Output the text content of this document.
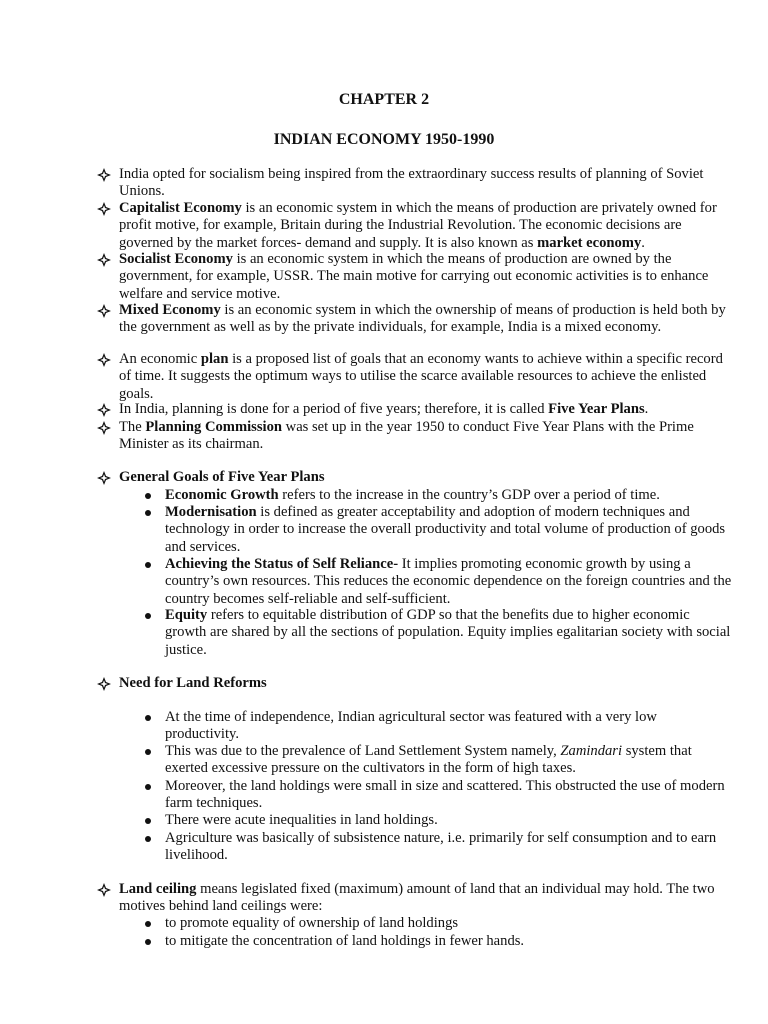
CHAPTER 2
INDIAN ECONOMY 1950-1990
India opted for socialism being inspired from the extraordinary success results of planning of Soviet Unions.
Capitalist Economy is an economic system in which the means of production are privately owned for profit motive, for example, Britain during the Industrial Revolution. The economic decisions are governed by the market forces- demand and supply. It is also known as market economy.
Socialist Economy is an economic system in which the means of production are owned by the government, for example, USSR. The main motive for carrying out economic activities is to enhance welfare and service motive.
Mixed Economy is an economic system in which the ownership of means of production is held both by the government as well as by the private individuals, for example, India is a mixed economy.
An economic plan is a proposed list of goals that an economy wants to achieve within a specific record of time. It suggests the optimum ways to utilise the scarce available resources to achieve the enlisted goals.
In India, planning is done for a period of five years; therefore, it is called Five Year Plans.
The Planning Commission was set up in the year 1950 to conduct Five Year Plans with the Prime Minister as its chairman.
General Goals of Five Year Plans
Economic Growth refers to the increase in the country’s GDP over a period of time.
Modernisation is defined as greater acceptability and adoption of modern techniques and technology in order to increase the overall productivity and total volume of production of goods and services.
Achieving the Status of Self Reliance- It implies promoting economic growth by using a country’s own resources. This reduces the economic dependence on the foreign countries and the country becomes self-reliable and self-sufficient.
Equity refers to equitable distribution of GDP so that the benefits due to higher economic growth are shared by all the sections of population. Equity implies egalitarian society with social justice.
Need for Land Reforms
At the time of independence, Indian agricultural sector was featured with a very low productivity.
This was due to the prevalence of Land Settlement System namely, Zamindari system that exerted excessive pressure on the cultivators in the form of high taxes.
Moreover, the land holdings were small in size and scattered. This obstructed the use of modern farm techniques.
There were acute inequalities in land holdings.
Agriculture was basically of subsistence nature, i.e. primarily for self consumption and to earn livelihood.
Land ceiling means legislated fixed (maximum) amount of land that an individual may hold. The two motives behind land ceilings were:
to promote equality of ownership of land holdings
to mitigate the concentration of land holdings in fewer hands.
